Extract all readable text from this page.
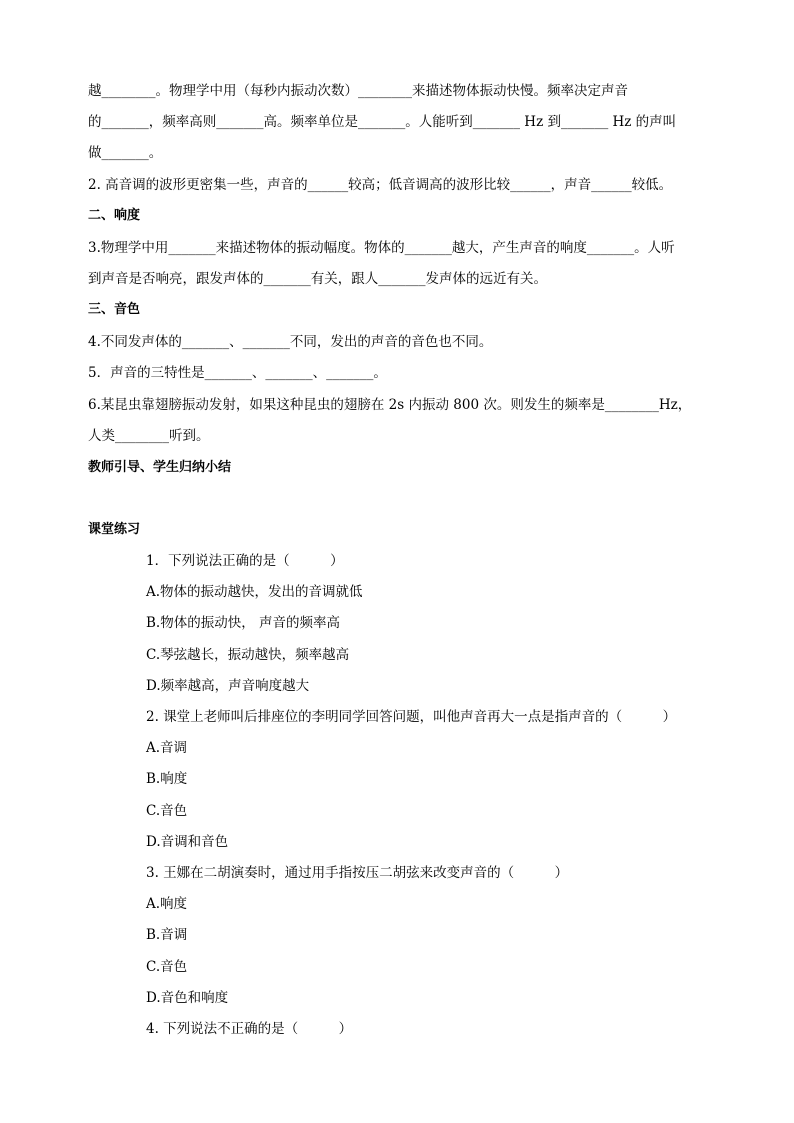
越________。物理学中用（每秒内振动次数）________来描述物体振动快慢。频率决定声音
的_______，频率高则_______高。频率单位是_______。人能听到_______ Hz 到_______ Hz 的声叫
做_______。
2. 高音调的波形更密集一些，声音的______较高；低音调高的波形比较______，声音______较低。
二、响度
3.物理学中用_______来描述物体的振动幅度。物体的_______越大，产生声音的响度_______。人听
到声音是否响亮，跟发声体的_______有关，跟人_______发声体的远近有关。
三、音色
4.不同发声体的_______、_______不同，发出的声音的音色也不同。
5．声音的三特性是_______、_______、_______。
6.某昆虫靠翅膀振动发射，如果这种昆虫的翅膀在 2s 内振动 800 次。则发生的频率是________Hz，
人类________听到。
教师引导、学生归纳小结
课堂练习
1．下列说法正确的是（　　　）
A.物体的振动越快，发出的音调就低
B.物体的振动快， 声音的频率高
C.琴弦越长，振动越快，频率越高
D.频率越高，声音响度越大
2. 课堂上老师叫后排座位的李明同学回答问题，叫他声音再大一点是指声音的（　　　）
A.音调
B.响度
C.音色
D.音调和音色
3. 王娜在二胡演奏时，通过用手指按压二胡弦来改变声音的（　　　）
A.响度
B.音调
C.音色
D.音色和响度
4. 下列说法不正确的是（　　　）
